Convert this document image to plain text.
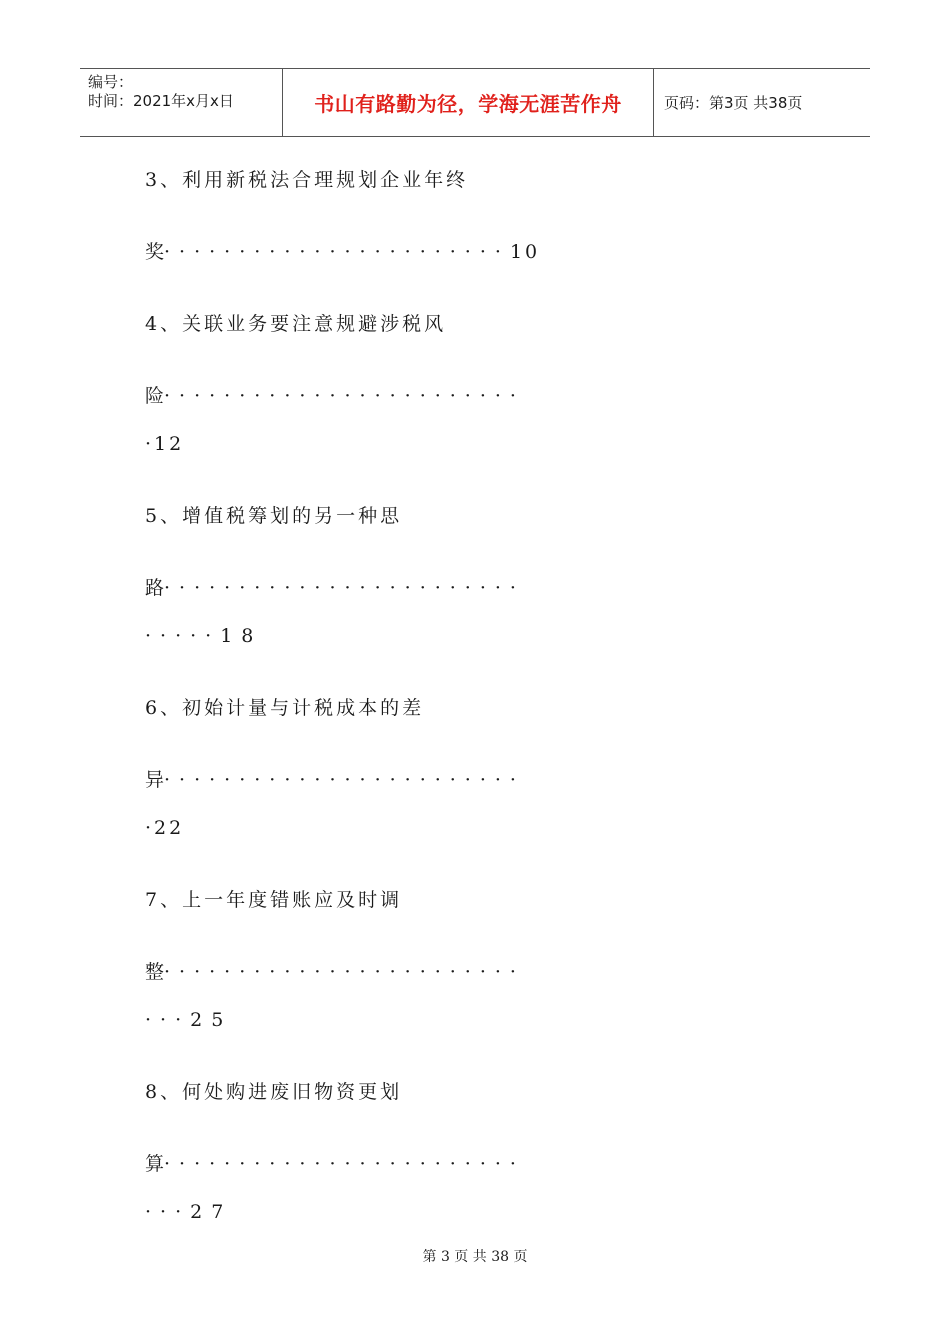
编号：
时间：2021年x月x日	书山有路勤为径，学海无涯苦作舟	页码：第3页 共38页
3、利用新税法合理规划企业年终
奖·······················10
4、关联业务要注意规避涉税风
险························
·12
5、增值税筹划的另一种思
路························
·····18
6、初始计量与计税成本的差
异························
·22
7、上一年度错账应及时调
整························
···25
8、何处购进废旧物资更划
算························
···27
第 3 页 共 38 页
